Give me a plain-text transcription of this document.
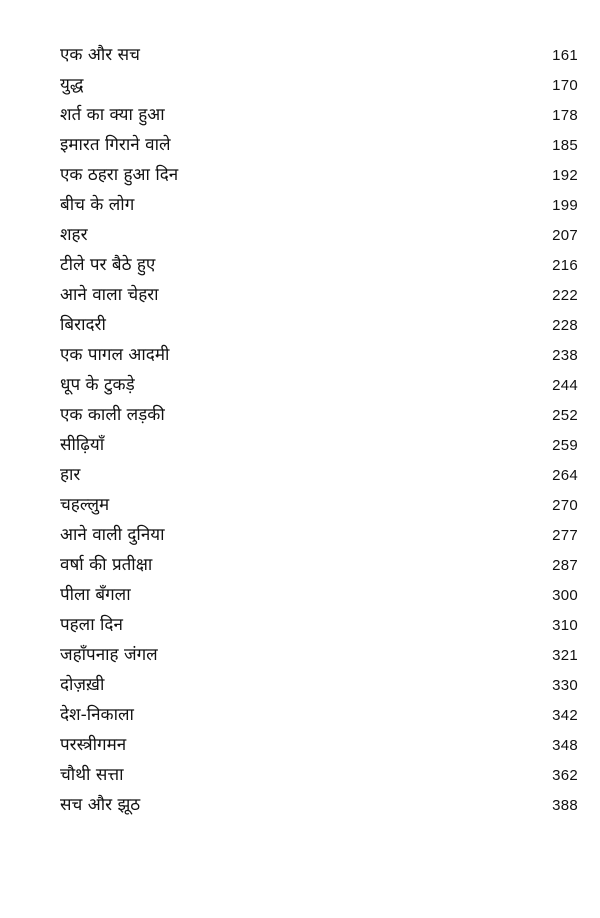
एक और सच	161
युद्ध	170
शर्त का क्या हुआ	178
इमारत गिराने वाले	185
एक ठहरा हुआ दिन	192
बीच के लोग	199
शहर	207
टीले पर बैठे हुए	216
आने वाला चेहरा	222
बिरादरी	228
एक पागल आदमी	238
धूप के टुकड़े	244
एक काली लड़की	252
सीढ़ियाँ	259
हार	264
चहल्लुम	270
आने वाली दुनिया	277
वर्षा की प्रतीक्षा	287
पीला बँगला	300
पहला दिन	310
जहाँपनाह जंगल	321
दोज़ख़ी	330
देश-निकाला	342
परस्त्रीगमन	348
चौथी सत्ता	362
सच और झूठ	388
